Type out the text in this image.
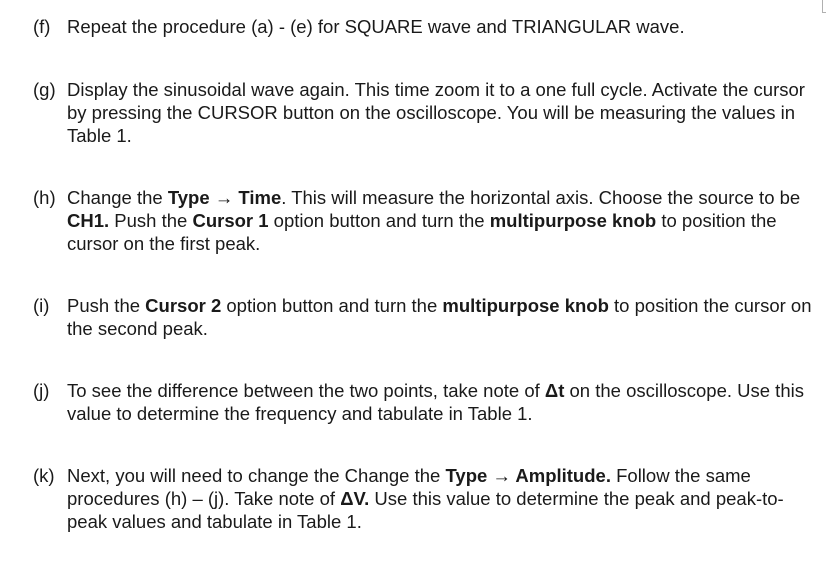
(f) Repeat the procedure (a) - (e) for SQUARE wave and TRIANGULAR wave.
(g) Display the sinusoidal wave again. This time zoom it to a one full cycle. Activate the cursor by pressing the CURSOR button on the oscilloscope. You will be measuring the values in Table 1.
(h) Change the Type → Time. This will measure the horizontal axis. Choose the source to be CH1. Push the Cursor 1 option button and turn the multipurpose knob to position the cursor on the first peak.
(i) Push the Cursor 2 option button and turn the multipurpose knob to position the cursor on the second peak.
(j) To see the difference between the two points, take note of Δt on the oscilloscope. Use this value to determine the frequency and tabulate in Table 1.
(k) Next, you will need to change the Change the Type → Amplitude. Follow the same procedures (h) – (j). Take note of ΔV. Use this value to determine the peak and peak-to-peak values and tabulate in Table 1.
